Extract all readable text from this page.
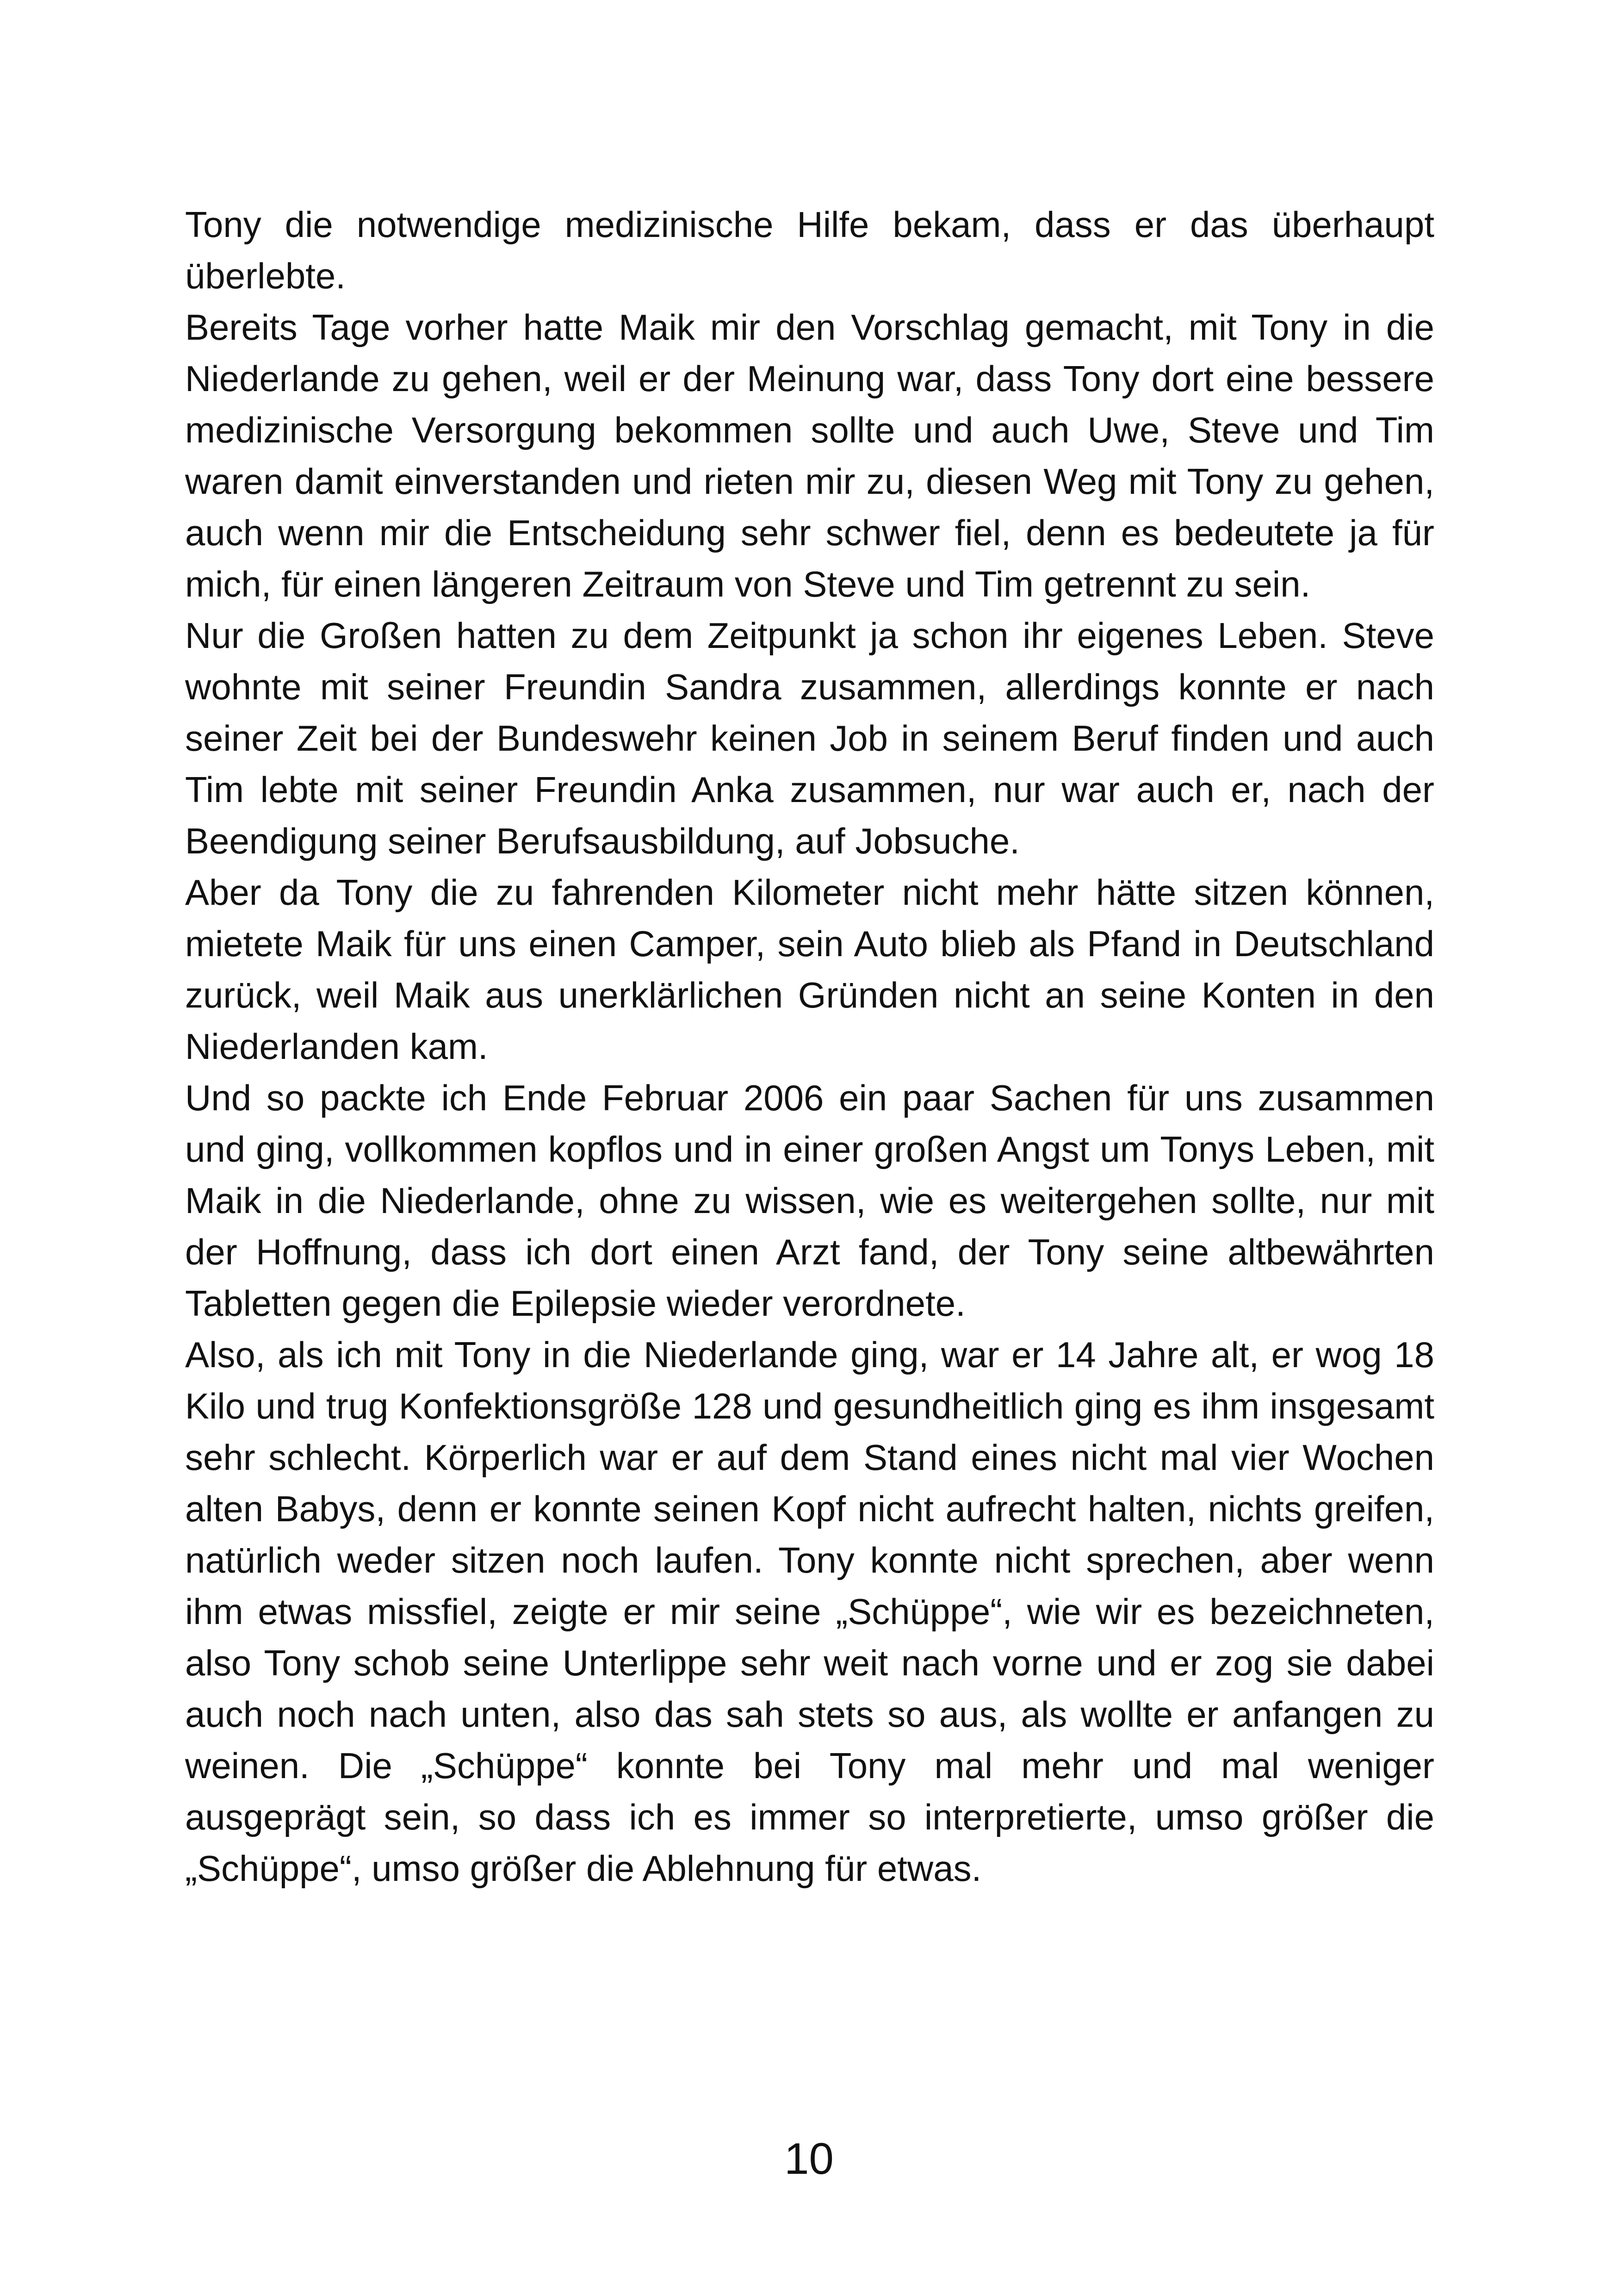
Tony die notwendige medizinische Hilfe bekam, dass er das überhaupt überlebte.

Bereits Tage vorher hatte Maik mir den Vorschlag gemacht, mit Tony in die Niederlande zu gehen, weil er der Meinung war, dass Tony dort eine bessere medizinische Versorgung bekommen sollte und auch Uwe, Steve und Tim waren damit einverstanden und rieten mir zu, diesen Weg mit Tony zu gehen, auch wenn mir die Entscheidung sehr schwer fiel, denn es bedeutete ja für mich, für einen längeren Zeitraum von Steve und Tim getrennt zu sein.

Nur die Großen hatten zu dem Zeitpunkt ja schon ihr eigenes Leben. Steve wohnte mit seiner Freundin Sandra zusammen, allerdings konnte er nach seiner Zeit bei der Bundeswehr keinen Job in seinem Beruf finden und auch Tim lebte mit seiner Freundin Anka zusammen, nur war auch er, nach der Beendigung seiner Berufsausbildung, auf Jobsuche.

Aber da Tony die zu fahrenden Kilometer nicht mehr hätte sitzen können, mietete Maik für uns einen Camper, sein Auto blieb als Pfand in Deutschland zurück, weil Maik aus unerklärlichen Gründen nicht an seine Konten in den Niederlanden kam.

Und so packte ich Ende Februar 2006 ein paar Sachen für uns zusammen und ging, vollkommen kopflos und in einer großen Angst um Tonys Leben, mit Maik in die Niederlande, ohne zu wissen, wie es weitergehen sollte, nur mit der Hoffnung, dass ich dort einen Arzt fand, der Tony seine altbewährten Tabletten gegen die Epilepsie wieder verordnete.

Also, als ich mit Tony in die Niederlande ging, war er 14 Jahre alt, er wog 18 Kilo und trug Konfektionsgröße 128 und gesundheitlich ging es ihm insgesamt sehr schlecht. Körperlich war er auf dem Stand eines nicht mal vier Wochen alten Babys, denn er konnte seinen Kopf nicht aufrecht halten, nichts greifen, natürlich weder sitzen noch laufen. Tony konnte nicht sprechen, aber wenn ihm etwas missfiel, zeigte er mir seine „Schüppe“, wie wir es bezeichneten, also Tony schob seine Unterlippe sehr weit nach vorne und er zog sie dabei auch noch nach unten, also das sah stets so aus, als wollte er anfangen zu weinen. Die „Schüppe“ konnte bei Tony mal mehr und mal weniger ausgeprägt sein, so dass ich es immer so interpretierte, umso größer die „Schüppe“, umso größer die Ablehnung für etwas.

10
